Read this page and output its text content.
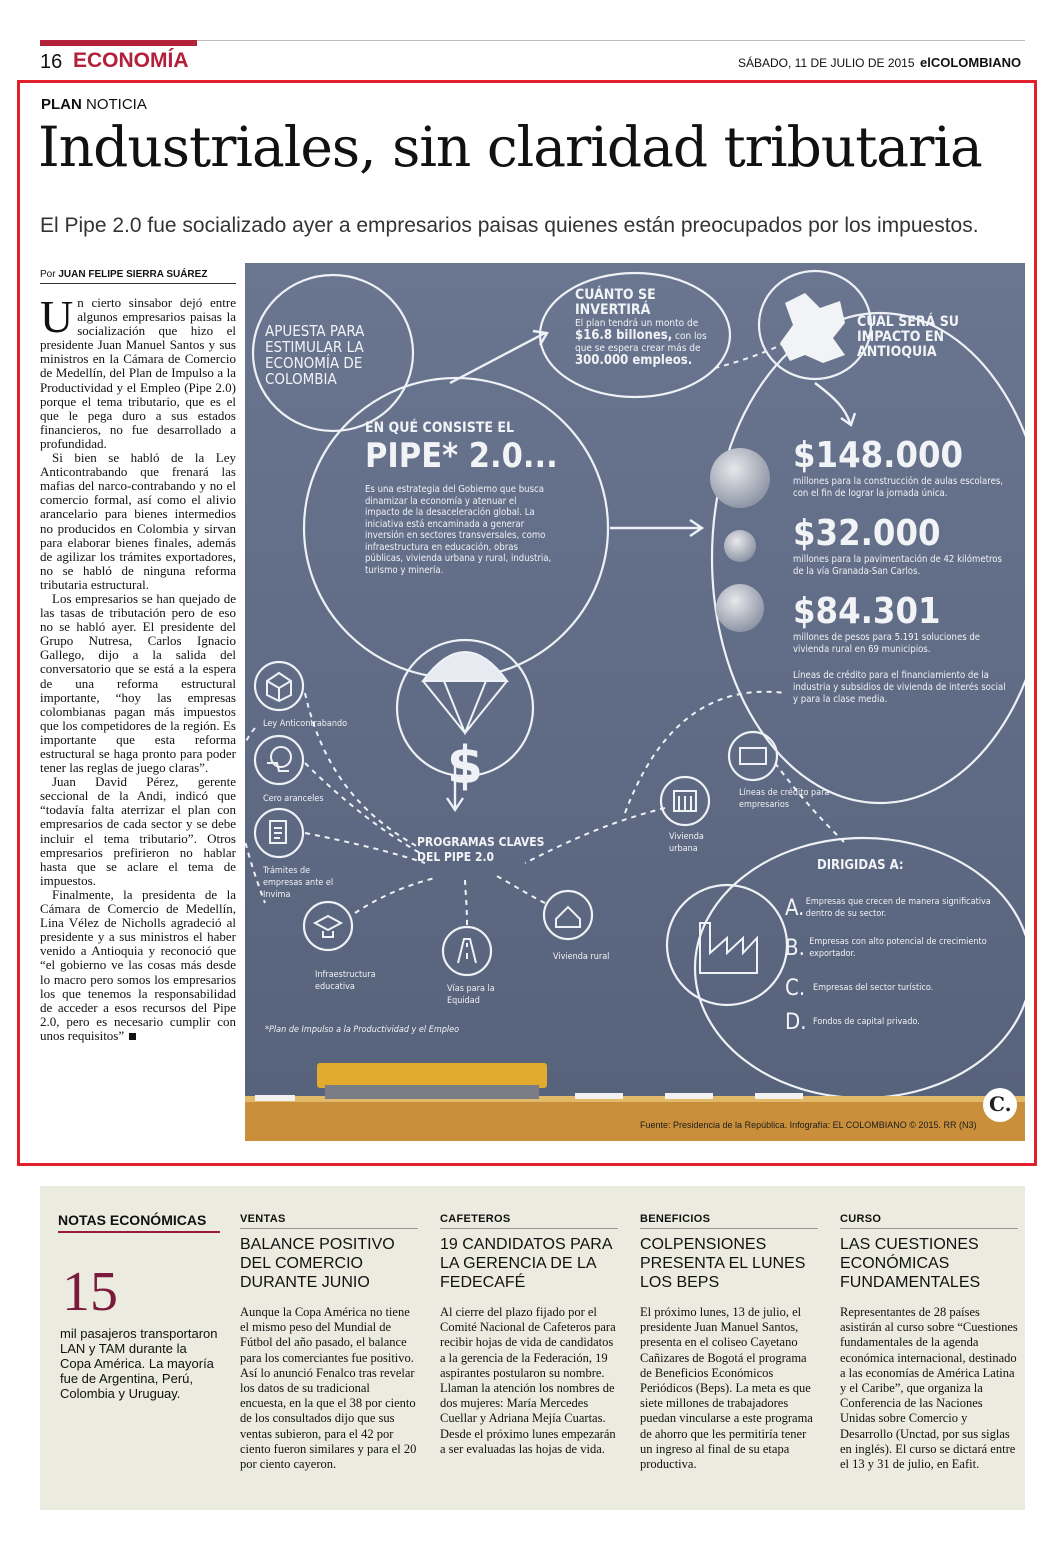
16 ECONOMÍA	SÁBADO, 11 DE JULIO DE 2015 elCOLOMBIANO
PLAN NOTICIA
Industriales, sin claridad tributaria
El Pipe 2.0 fue socializado ayer a empresarios paisas quienes están preocupados por los impuestos.
Por JUAN FELIPE SIERRA SUÁREZ

Un cierto sinsabor dejó entre algunos empresarios paisas la socialización que hizo el presidente Juan Manuel Santos y sus ministros en la Cámara de Comercio de Medellín, del Plan de Impulso a la Productividad y el Empleo (Pipe 2.0) porque el tema tributario, que es el que le pega duro a sus estados financieros, no fue desarrollado a profundidad.

Si bien se habló de la Ley Anticontrabando que frenará las mafias del narco-contrabando y no el comercio formal, así como el alivio arancelario para bienes intermedios no producidos en Colombia y sirvan para elaborar bienes finales, además de agilizar los trámites exportadores, no se habló de ninguna reforma tributaria estructural.

Los empresarios se han quejado de las tasas de tributación pero de eso no se habló ayer. El presidente del Grupo Nutresa, Carlos Ignacio Gallego, dijo a la salida del conversatorio que se está a la espera de una reforma estructural importante, “hoy las empresas colombianas pagan más impuestos que los competidores de la región. Es importante que esta reforma estructural se haga pronto para poder tener las reglas de juego claras”.

Juan David Pérez, gerente seccional de la Andi, indicó que “todavía falta aterrizar el plan con empresarios de cada sector y se debe incluir el tema tributario”. Otros empresarios prefirieron no hablar hasta que se aclare el tema de impuestos.

Finalmente, la presidenta de la Cámara de Comercio de Medellín, Lina Vélez de Nicholls agradeció al presidente y a sus ministros el haber venido a Antioquia y reconoció que “el gobierno ve las cosas más desde lo macro pero somos los empresarios los que tenemos la responsabilidad de acceder a esos recursos del Pipe 2.0, pero es necesario cumplir con unos requisitos”

$
APUESTA PARA ESTIMULAR LA ECONOMÍA DE COLOMBIA
CUÁNTO SE INVERTIRÁ
El plan tendrá un monto de $16.8 billones, con los que se espera crear más de 300.000 empleos.
CUÁL SERÁ SU IMPACTO EN ANTIOQUIA
EN QUÉ CONSISTE EL
PIPE* 2.0...
Es una estrategia del Gobierno que busca dinamizar la economía y atenuar el impacto de la desaceleración global. La iniciativa está encaminada a generar inversión en sectores transversales, como infraestructura en educación, obras públicas, vivienda urbana y rural, industria, turismo y minería.
$148.000
millones para la construcción de aulas escolares, con el fin de lograr la jornada única.
$32.000
millones para la pavimentación de 42 kilómetros de la vía Granada-San Carlos.
$84.301
millones de pesos para 5.191 soluciones de vivienda rural en 69 municipios.
Líneas de crédito para el financiamiento de la industria y subsidios de vivienda de interés social y para la clase media.
PROGRAMAS CLAVES DEL PIPE 2.0
Ley Anticontrabando
Cero aranceles
Trámites de empresas ante el Invima
Infraestructura educativa	Vías para la Equidad
Vivienda rural
Vivienda urbana
Líneas de crédito para empresarios
DIRIGIDAS A:
A. Empresas que crecen de manera significativa dentro de su sector.
B. Empresas con alto potencial de crecimiento exportador.
C. Empresas del sector turístico.
D. Fondos de capital privado.
*Plan de Impulso a la Productividad y el Empleo
C.
Fuente: Presidencia de la República. Infografía: EL COLOMBIANO © 2015. RR (N3)
NOTAS ECONÓMICAS
15
mil pasajeros transportaron LAN y TAM durante la Copa América. La mayoría fue de Argentina, Perú, Colombia y Uruguay.
VENTAS
BALANCE POSITIVO DEL COMERCIO DURANTE JUNIO
Aunque la Copa América no tiene el mismo peso del Mundial de Fútbol del año pasado, el balance para los comerciantes fue positivo. Así lo anunció Fenalco tras revelar los datos de su tradicional encuesta, en la que el 38 por ciento de los consultados dijo que sus ventas subieron, para el 42 por ciento fueron similares y para el 20 por ciento cayeron.
CAFETEROS
19 CANDIDATOS PARA LA GERENCIA DE LA FEDECAFÉ
Al cierre del plazo fijado por el Comité Nacional de Cafeteros para recibir hojas de vida de candidatos a la gerencia de la Federación, 19 aspirantes postularon su nombre. Llaman la atención los nombres de dos mujeres: María Mercedes Cuellar y Adriana Mejía Cuartas. Desde el próximo lunes empezarán a ser evaluadas las hojas de vida.
BENEFICIOS
COLPENSIONES PRESENTA EL LUNES LOS BEPS
El próximo lunes, 13 de julio, el presidente Juan Manuel Santos, presenta en el coliseo Cayetano Cañizares de Bogotá el programa de Beneficios Económicos Periódicos (Beps). La meta es que siete millones de trabajadores puedan vincularse a este programa de ahorro que les permitiría tener un ingreso al final de su etapa productiva.
CURSO
LAS CUESTIONES ECONÓMICAS FUNDAMENTALES
Representantes de 28 países asistirán al curso sobre “Cuestiones fundamentales de la agenda económica internacional, destinado a las economías de América Latina y el Caribe”, que organiza la Conferencia de las Naciones Unidas sobre Comercio y Desarrollo (Unctad, por sus siglas en inglés). El curso se dictará entre el 13 y 31 de julio, en Eafit.
